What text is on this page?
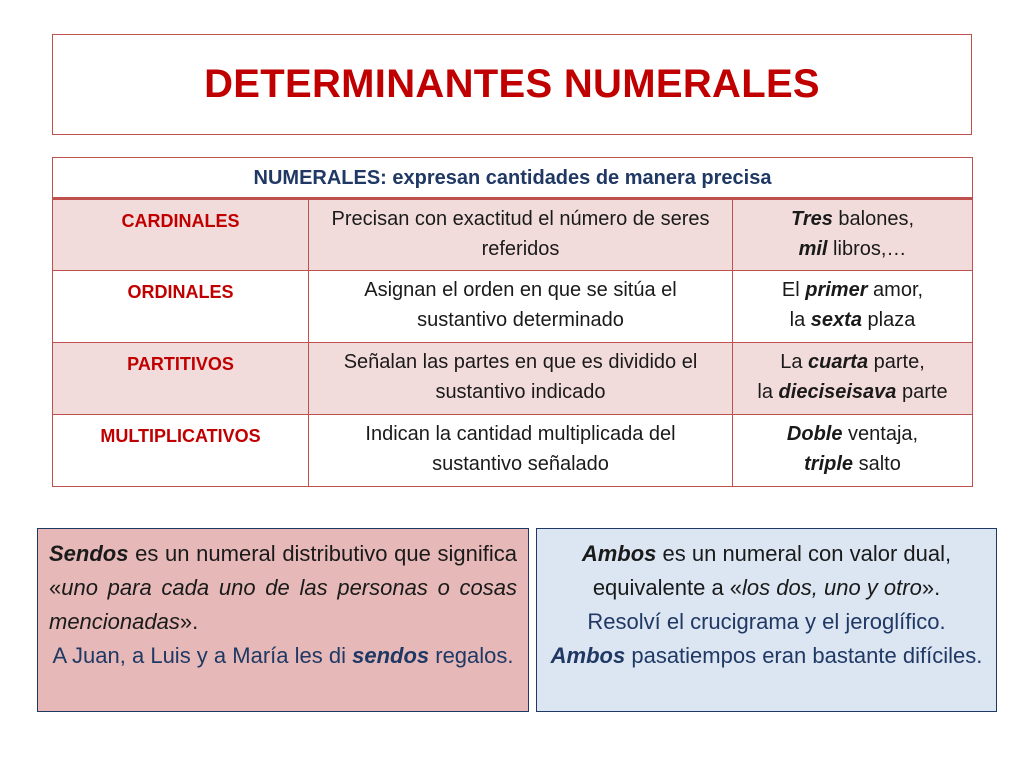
DETERMINANTES NUMERALES
NUMERALES: expresan cantidades de manera precisa		
CARDINALES	Precisan con exactitud el número de seres referidos	Tres balones,
mil libros,…

ORDINALES	Asignan el orden en que se sitúa el sustantivo determinado	El primer amor,
la sexta plaza

PARTITIVOS	Señalan las partes en que es dividido el sustantivo indicado	La cuarta parte,
la dieciseisava parte

MULTIPLICATIVOS	Indican la cantidad multiplicada del sustantivo señalado	Doble ventaja,
triple salto
Sendos es un numeral distributivo que significa «uno para cada uno de las personas o cosas mencionadas».
A Juan, a Luis y a María les di sendos regalos.
Ambos es un numeral con valor dual, equivalente a «los dos, uno y otro».
Resolví el crucigrama y el jeroglífico.
Ambos pasatiempos eran bastante difíciles.
